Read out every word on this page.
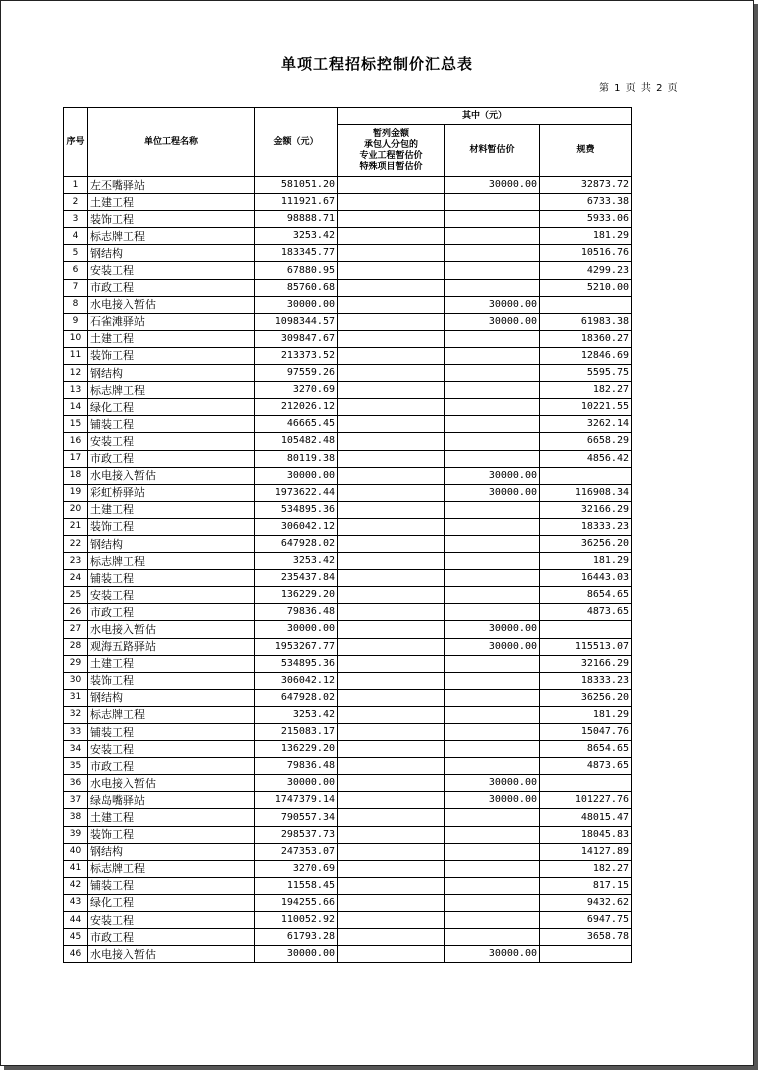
单项工程招标控制价汇总表
第 1 页 共 2 页
序号	单位工程名称	金额（元）	其中（元）		
			暂列金额
承包人分包的
专业工程暂估价
特殊项目暂估价	材料暂估价	规费
1	左丕嘴驿站	581051.20		30000.00	32873.72
2	土建工程	111921.67			6733.38
3	装饰工程	98888.71			5933.06
4	标志牌工程	3253.42			181.29
5	钢结构	183345.77			10516.76
6	安装工程	67880.95			4299.23
7	市政工程	85760.68			5210.00
8	水电接入暂估	30000.00		30000.00	
9	石雀滩驿站	1098344.57		30000.00	61983.38
10	土建工程	309847.67			18360.27
11	装饰工程	213373.52			12846.69
12	钢结构	97559.26			5595.75
13	标志牌工程	3270.69			182.27
14	绿化工程	212026.12			10221.55
15	铺装工程	46665.45			3262.14
16	安装工程	105482.48			6658.29
17	市政工程	80119.38			4856.42
18	水电接入暂估	30000.00		30000.00	
19	彩虹桥驿站	1973622.44		30000.00	116908.34
20	土建工程	534895.36			32166.29
21	装饰工程	306042.12			18333.23
22	钢结构	647928.02			36256.20
23	标志牌工程	3253.42			181.29
24	铺装工程	235437.84			16443.03
25	安装工程	136229.20			8654.65
26	市政工程	79836.48			4873.65
27	水电接入暂估	30000.00		30000.00	
28	观海五路驿站	1953267.77		30000.00	115513.07
29	土建工程	534895.36			32166.29
30	装饰工程	306042.12			18333.23
31	钢结构	647928.02			36256.20
32	标志牌工程	3253.42			181.29
33	铺装工程	215083.17			15047.76
34	安装工程	136229.20			8654.65
35	市政工程	79836.48			4873.65
36	水电接入暂估	30000.00		30000.00	
37	绿岛嘴驿站	1747379.14		30000.00	101227.76
38	土建工程	790557.34			48015.47
39	装饰工程	298537.73			18045.83
40	钢结构	247353.07			14127.89
41	标志牌工程	3270.69			182.27
42	铺装工程	11558.45			817.15
43	绿化工程	194255.66			9432.62
44	安装工程	110052.92			6947.75
45	市政工程	61793.28			3658.78
46	水电接入暂估	30000.00		30000.00	
